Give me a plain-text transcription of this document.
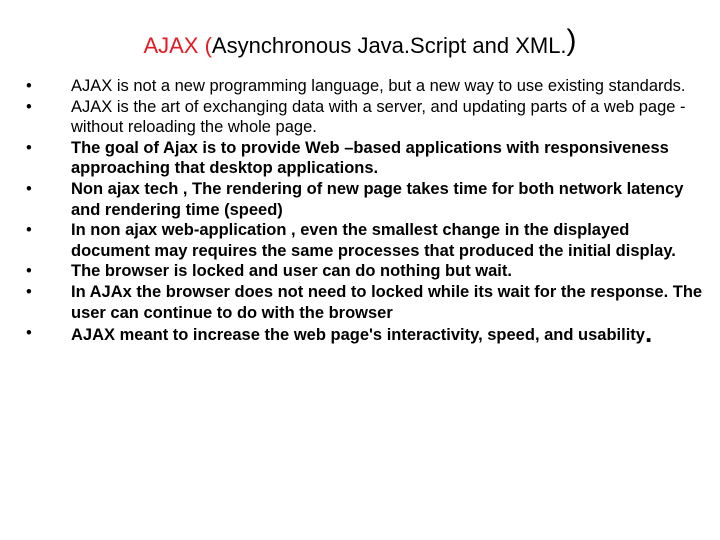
AJAX (Asynchronous Java.Script and XML.)
•	AJAX is not a new programming language, but a new way to use existing standards.
•	AJAX is the art of exchanging data with a server, and updating parts of a web page - without reloading the whole page.
•	The goal of Ajax is to provide Web –based applications with responsiveness approaching that desktop applications.
•	Non ajax tech , The rendering of new page takes time for both network latency and rendering time (speed)
•	In non ajax web-application , even the smallest change in the displayed document may requires the same processes that produced the initial display.
•	The browser is locked and user can do nothing but wait.
•	In AJAx the browser does not need to locked while its wait for the response. The user can continue to do with the browser
•	AJAX meant to increase the web page's interactivity, speed, and usability.
